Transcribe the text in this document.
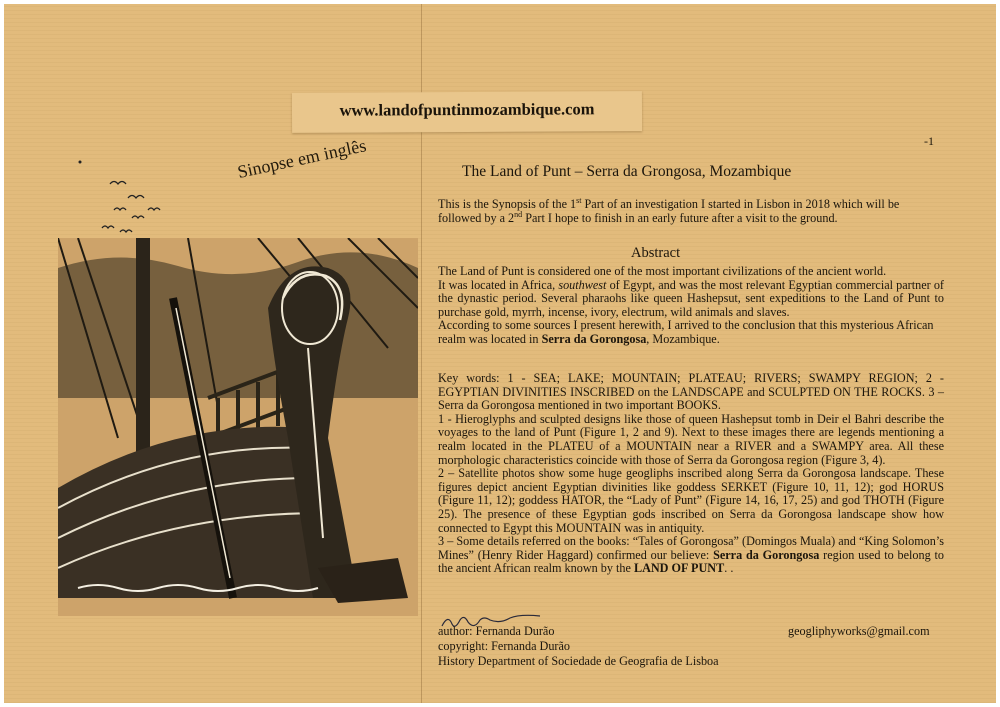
www.landofpuntinmozambique.com
-1
Sinopse em inglês	The Land of Punt – Serra da Grongosa, Mozambique

This is the Synopsis of the 1st Part of an investigation I started in Lisbon in 2018 which will be followed by a 2nd Part I hope to finish in an early future after a visit to the ground.

Abstract

The Land of Punt is considered one of the most important civilizations of the ancient world.

It was located in Africa, southwest of Egypt, and was the most relevant Egyptian commercial partner of the dynastic period. Several pharaohs like queen Hashepsut, sent expeditions to the Land of Punt to purchase gold, myrrh, incense, ivory, electrum, wild animals and slaves.

According to some sources I present herewith, I arrived to the conclusion that this mysterious African realm was located in Serra da Gorongosa, Mozambique.

Key words: 1 - SEA; LAKE; MOUNTAIN; PLATEAU; RIVERS; SWAMPY REGION; 2 - EGYPTIAN DIVINITIES INSCRIBED on the LANDSCAPE and SCULPTED ON THE ROCKS. 3 – Serra da Gorongosa mentioned in two important BOOKS.

1 - Hieroglyphs and sculpted designs like those of queen Hashepsut tomb in Deir el Bahri describe the voyages to the land of Punt (Figure 1, 2 and 9). Next to these images there are legends mentioning a realm located in the PLATEU of a MOUNTAIN near a RIVER and a SWAMPY area. All these morphologic characteristics coincide with those of Serra da Gorongosa region (Figure 3, 4).

2 – Satellite photos show some huge geogliphs inscribed along Serra da Gorongosa landscape. These figures depict ancient Egyptian divinities like goddess SERKET (Figure 10, 11, 12); god HORUS (Figure 11, 12); goddess HATOR, the “Lady of Punt” (Figure 14, 16, 17, 25) and god THOTH (Figure 25). The presence of these Egyptian gods inscribed on Serra da Gorongosa landscape show how connected to Egypt this MOUNTAIN was in antiquity.

3 – Some details referred on the books: “Tales of Gorongosa” (Domingos Muala) and “King Solomon’s Mines” (Henry Rider Haggard) confirmed our believe: Serra da Gorongosa region used to belong to the ancient African realm known by the LAND OF PUNT. .

author: Fernanda Durão
copyright: Fernanda Durão
History Department of Sociedade de Geografia de Lisboa
geogliphyworks@gmail.com
